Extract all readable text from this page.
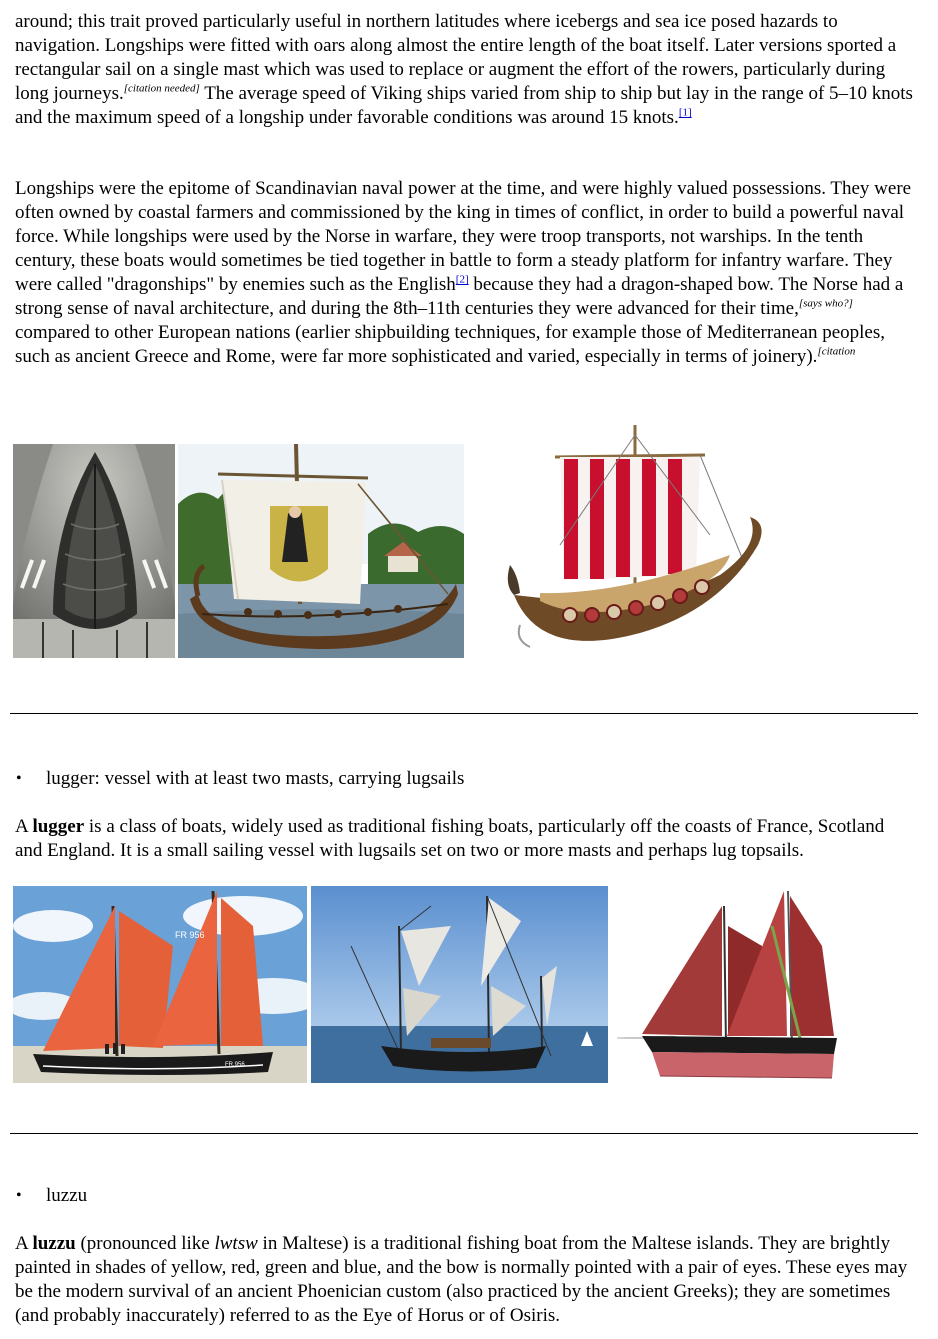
around; this trait proved particularly useful in northern latitudes where icebergs and sea ice posed hazards to navigation. Longships were fitted with oars along almost the entire length of the boat itself. Later versions sported a rectangular sail on a single mast which was used to replace or augment the effort of the rowers, particularly during long journeys.[citation needed] The average speed of Viking ships varied from ship to ship but lay in the range of 5–10 knots and the maximum speed of a longship under favorable conditions was around 15 knots.[1]

Longships were the epitome of Scandinavian naval power at the time, and were highly valued possessions. They were often owned by coastal farmers and commissioned by the king in times of conflict, in order to build a powerful naval force. While longships were used by the Norse in warfare, they were troop transports, not warships. In the tenth century, these boats would sometimes be tied together in battle to form a steady platform for infantry warfare. They were called "dragonships" by enemies such as the English[2] because they had a dragon-shaped bow. The Norse had a strong sense of naval architecture, and during the 8th–11th centuries they were advanced for their time,[says who?] compared to other European nations (earlier shipbuilding techniques, for example those of Mediterranean peoples, such as ancient Greece and Rome, were far more sophisticated and varied, especially in terms of joinery).$^{[citation}$

• lugger: vessel with at least two masts, carrying lugsails

A lugger is a class of boats, widely used as traditional fishing boats, particularly off the coasts of France, Scotland and England. It is a small sailing vessel with lugsails set on two or more masts and perhaps lug topsails.

FR 956
FR.956
• luzzu

A luzzu (pronounced like lwtsw in Maltese) is a traditional fishing boat from the Maltese islands. They are brightly painted in shades of yellow, red, green and blue, and the bow is normally pointed with a pair of eyes. These eyes may be the modern survival of an ancient Phoenician custom (also practiced by the ancient Greeks); they are sometimes (and probably inaccurately) referred to as the Eye of Horus or of Osiris.
